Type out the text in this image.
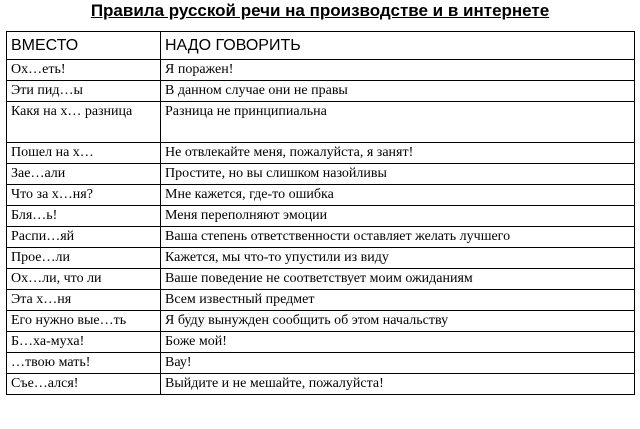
Правила русской речи на производстве и в интернете
ВМЕСТО	НАДО ГОВОРИТЬ
Ох…еть!	Я поражен!
Эти пид…ы	В данном случае они не правы
Какя на х… разница	Разница не принципиальна
Пошел на х…	Не отвлекайте меня, пожалуйста, я занят!
Зае…али	Простите, но вы слишком назойливы
Что за х…ня?	Мне кажется, где-то ошибка
Бля…ь!	Меня переполняют эмоции
Распи…яй	Ваша степень ответственности оставляет желать лучшего
Прое…ли	Кажется, мы что-то упустили из виду
Ох…ли, что ли	Ваше поведение не соответствует моим ожиданиям
Эта х…ня	Всем известный предмет
Его нужно вые…ть	Я буду вынужден сообщить об этом начальству
Б…ха-муха!	Боже мой!
…твою мать!	Вау!
Съе…ался!	Выйдите и не мешайте, пожалуйста!
